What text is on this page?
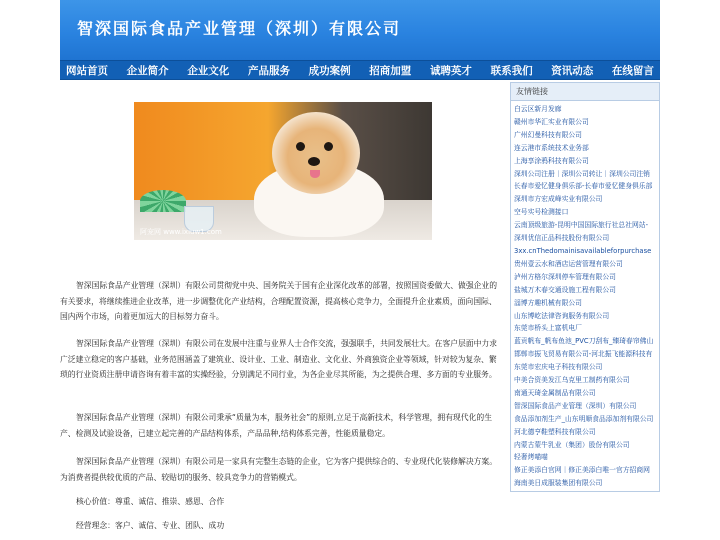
智深国际食品产业管理（深圳）有限公司
网站首页 企业简介 企业文化 产品服务 成功案例 招商加盟 诚聘英才 联系我们 资讯动态 在线留言
阿宠网 www.ixiuw1.com
智深国际食品产业管理（深圳）有限公司贯彻党中央、国务院关于国有企业深化改革的部署，按照国资委做大、做强企业的有关要求，将继续推进企业改革，进一步调整优化产业结构，合理配置资源，提高核心竞争力，全面提升企业素质，面向国际、国内两个市场，向着更加远大的目标努力奋斗。
智深国际食品产业管理（深圳）有限公司在发展中注重与业界人士合作交流，强强联手，共同发展壮大。在客户层面中力求广泛建立稳定的客户基础，业务范围涵盖了建筑业、设计业、工业、制造业、文化业、外商独资企业等领域，针对较为复杂、繁琐的行业资质注册申请咨询有着丰富的实操经验，分别满足不同行业，为各企业尽其所能，为之提供合理、多方面的专业服务。
智深国际食品产业管理（深圳）有限公司秉承“质量为本，服务社会”的原则,立足于高新技术，科学管理，拥有现代化的生产、检测及试验设备，已建立起完善的产品结构体系，产品品种,结构体系完善，性能质量稳定。
智深国际食品产业管理（深圳）有限公司是一家具有完整生态链的企业，它为客户提供综合的、专业现代化装修解决方案。为消费者提供较优质的产品、较贴切的服务、较具竞争力的营销模式。
核心价值：尊重、诚信、推崇、感恩、合作
经营理念：客户、诚信、专业、团队、成功
友情链接
白云区新月发廊
赣州市华汇实业有限公司
广州幻曼科技有限公司
连云港市系统技术业务部
上海享涂鸦科技有限公司
深圳公司注册｜深圳公司转让｜深圳公司注销
长春市爱忆健身俱乐部-长春市爱忆健身俱乐部
深圳市方宏成峰实业有限公司
空号实号检测接口
云南顶级旅游-昆明中国国际旅行社总社网站-
深圳优信正品科技股份有限公司
3xx.cnThedomainisavailableforpurchase
贵州壹云水和酒店运营管理有限公司
泸州方格尔深圳停车管理有限公司
盐城万木春交通设施工程有限公司
淄博方趣机械有限公司
山东博屹法律咨询服务有限公司
东莞市桥头上富机电厂
蓝贡帆布_帆布鱼池_PVC刀刮布_臻琦春帘佛山
邯郸市振飞贸易有限公司-河北振飞能源科技有
东莞市宏庆电子科技有限公司
中美合资美发江乌克里工制药有限公司
南通天琦金属制品有限公司
智深国际食品产业管理（深圳）有限公司
食品添加剂生产_山东明顺食品添加剂有限公司
河北德亨鞋塑科技有限公司
内蒙古蒙牛乳业（集团）股份有限公司
轻奢烤喵喵
修正美添白官网｜修正美添白唯一官方招商网
海南美日成服装集团有限公司
